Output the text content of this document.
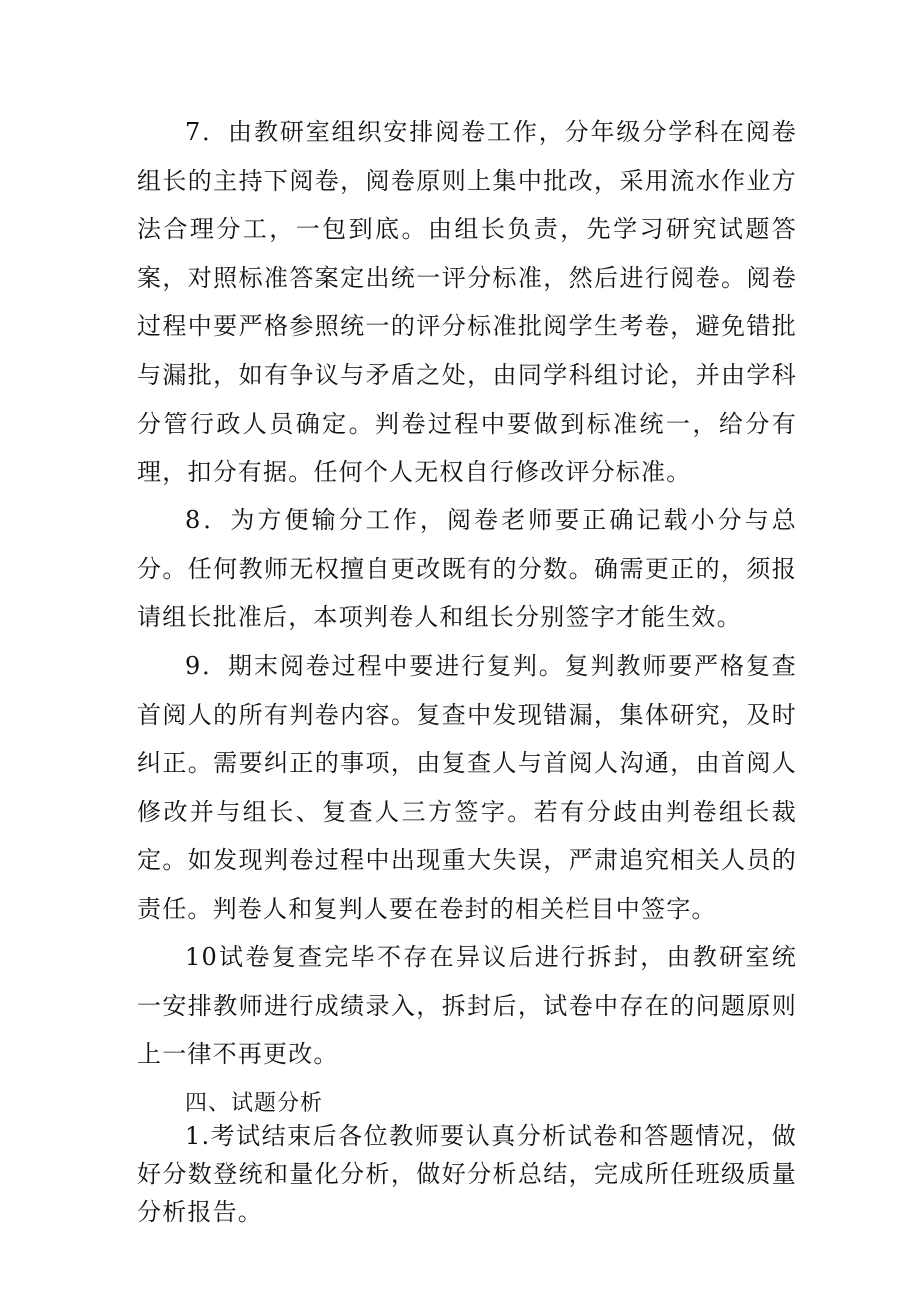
7．由教研室组织安排阅卷工作，分年级分学科在阅卷组长的主持下阅卷，阅卷原则上集中批改，采用流水作业方法合理分工，一包到底。由组长负责，先学习研究试题答案，对照标准答案定出统一评分标准，然后进行阅卷。阅卷过程中要严格参照统一的评分标准批阅学生考卷，避免错批与漏批，如有争议与矛盾之处，由同学科组讨论，并由学科分管行政人员确定。判卷过程中要做到标准统一，给分有理，扣分有据。任何个人无权自行修改评分标准。

8．为方便输分工作，阅卷老师要正确记载小分与总分。任何教师无权擅自更改既有的分数。确需更正的，须报请组长批准后，本项判卷人和组长分别签字才能生效。

9．期末阅卷过程中要进行复判。复判教师要严格复查首阅人的所有判卷内容。复查中发现错漏，集体研究，及时纠正。需要纠正的事项，由复查人与首阅人沟通，由首阅人修改并与组长、复查人三方签字。若有分歧由判卷组长裁定。如发现判卷过程中出现重大失误，严肃追究相关人员的责任。判卷人和复判人要在卷封的相关栏目中签字。

10试卷复查完毕不存在异议后进行拆封，由教研室统一安排教师进行成绩录入，拆封后，试卷中存在的问题原则上一律不再更改。

四、试题分析

1.考试结束后各位教师要认真分析试卷和答题情况，做好分数登统和量化分析，做好分析总结，完成所任班级质量分析报告。
